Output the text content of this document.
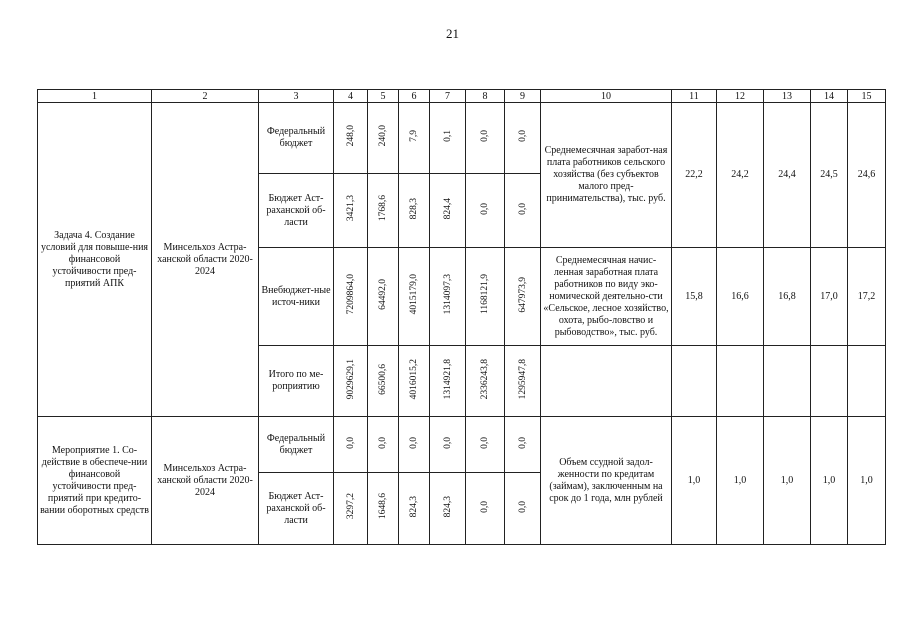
21
1	2	3	4	5	6	7	8	9	10	11	12	13	14	15
Задача 4. Создание условий для повыше-ния финансовой устойчивости пред-приятий АПК	Минсельхоз Астра-ханской области 2020-2024	Федеральный бюджет	248,0	240,0	7,9	0,1	0,0	0,0	Среднемесячная заработ-ная плата работников сельского хозяйства (без субъектов малого пред-принимательства), тыс. руб.	22,2	24,2	24,4	24,5	24,6
		Бюджет Аст-раханской об-ласти	3421,3	1768,6	828,3	824,4	0,0	0,0						
		Внебюджет-ные источ-ники	7209864,0	64492,0	4015179,0	1314097,3	1168121,9	647973,9	Среднемесячная начис-ленная заработная плата работников по виду эко-номической деятельно-сти «Сельское, лесное хозяйство, охота, рыбо-ловство и рыбоводство», тыс. руб.	15,8	16,6	16,8	17,0	17,2
		Итого по ме-роприятию	9029629,1	66500,6	4016015,2	1314921,8	2336243,8	1295947,8						
Мероприятие 1. Со-действие в обеспече-нии финансовой устойчивости пред-приятий при кредито-вании оборотных средств	Минсельхоз Астра-ханской области 2020-2024	Федеральный бюджет	0,0	0,0	0,0	0,0	0,0	0,0	Объем ссудной задол-женности по кредитам (займам), заключенным на срок до 1 года, млн рублей	1,0	1,0	1,0	1,0	1,0
		Бюджет Аст-раханской об-ласти	3297,2	1648,6	824,3	824,3	0,0	0,0						
